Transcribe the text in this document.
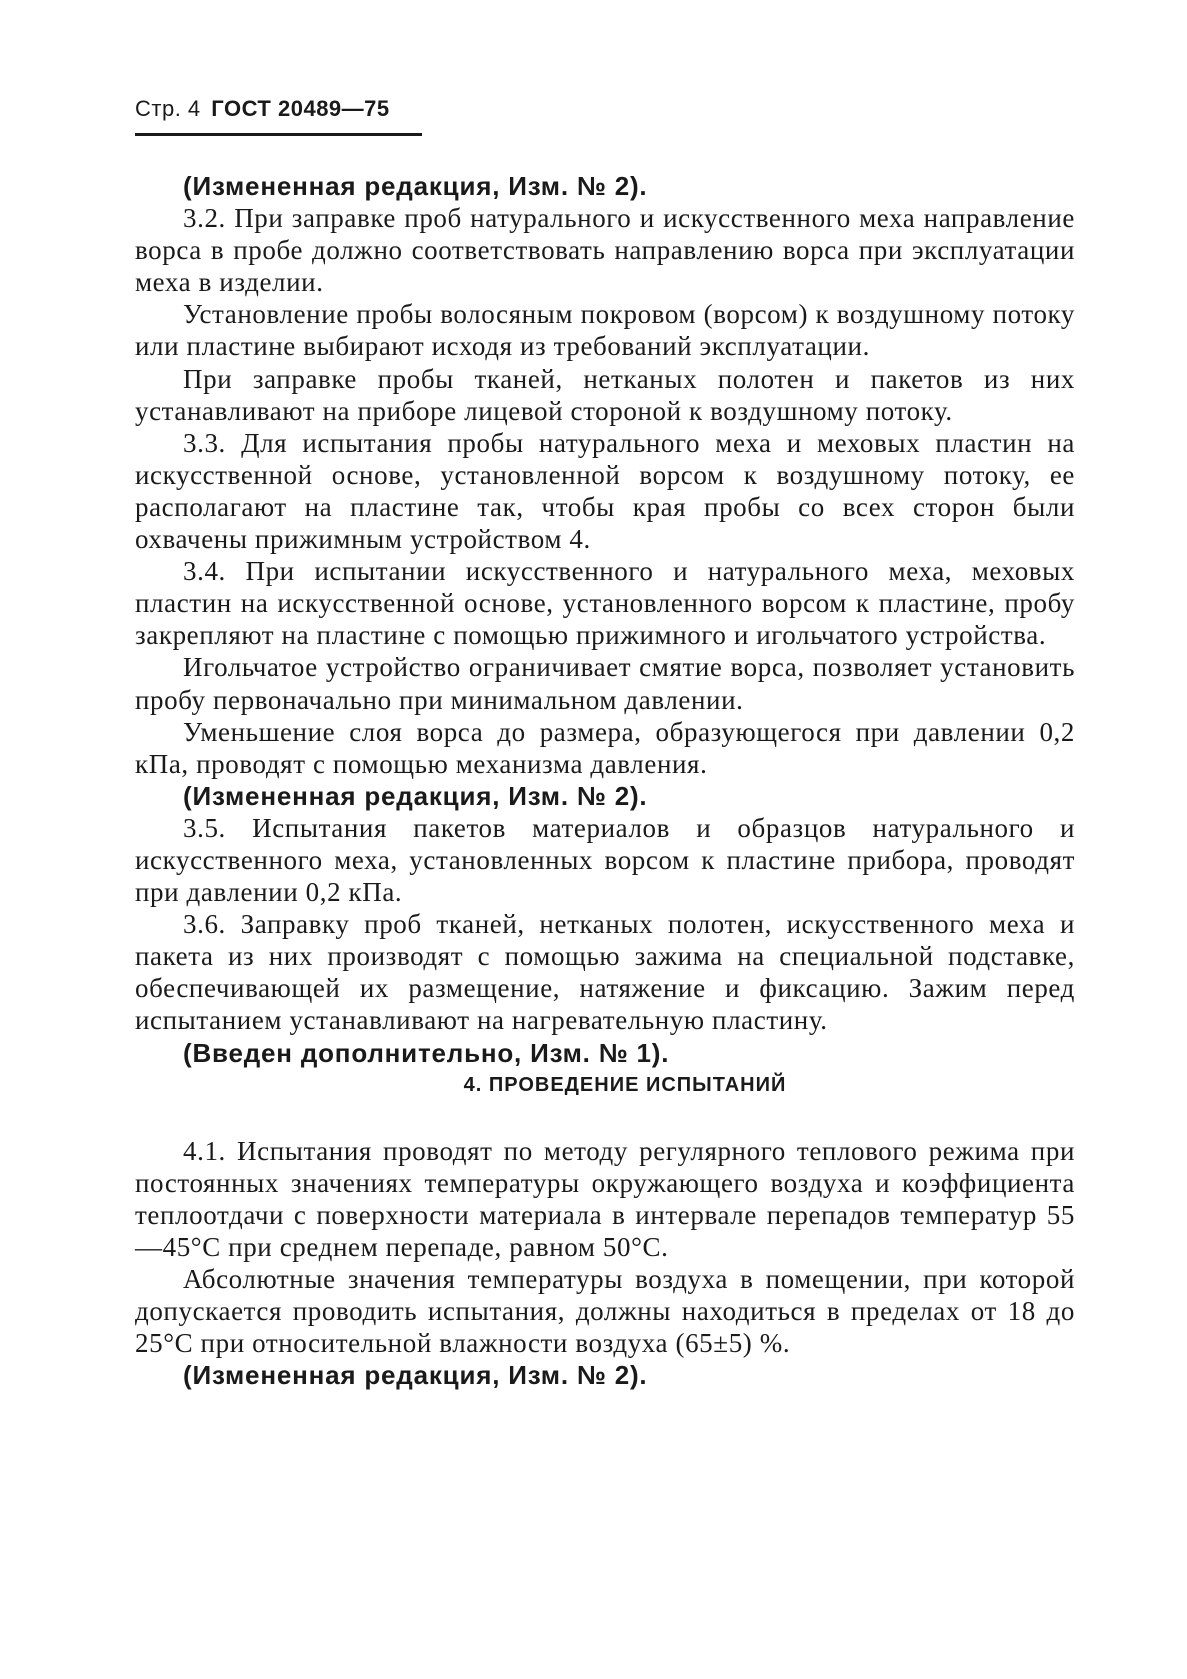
Стр. 4 ГОСТ 20489—75

(Измененная редакция, Изм. № 2).

3.2. При заправке проб натурального и искусственного меха направление ворса в пробе должно соответствовать направлению ворса при эксплуатации меха в изделии.

Установление пробы волосяным покровом (ворсом) к воздушному потоку или пластине выбирают исходя из требований эксплуатации.

При заправке пробы тканей, нетканых полотен и пакетов из них устанавливают на приборе лицевой стороной к воздушному потоку.

3.3. Для испытания пробы натурального меха и меховых пластин на искусственной основе, установленной ворсом к воздушному потоку, ее располагают на пластине так, чтобы края пробы со всех сторон были охвачены прижимным устройством 4.

3.4. При испытании искусственного и натурального меха, меховых пластин на искусственной основе, установленного ворсом к пластине, пробу закрепляют на пластине с помощью прижимного и игольчатого устройства.

Игольчатое устройство ограничивает смятие ворса, позволяет установить пробу первоначально при минимальном давлении.

Уменьшение слоя ворса до размера, образующегося при давлении 0,2 кПа, проводят с помощью механизма давления.

(Измененная редакция, Изм. № 2).

3.5. Испытания пакетов материалов и образцов натурального и искусственного меха, установленных ворсом к пластине прибора, проводят при давлении 0,2 кПа.

3.6. Заправку проб тканей, нетканых полотен, искусственного меха и пакета из них производят с помощью зажима на специальной подставке, обеспечивающей их размещение, натяжение и фиксацию. Зажим перед испытанием устанавливают на нагревательную пластину.

(Введен дополнительно, Изм. № 1).

4. ПРОВЕДЕНИЕ ИСПЫТАНИЙ

4.1. Испытания проводят по методу регулярного теплового режима при постоянных значениях температуры окружающего воздуха и коэффициента теплоотдачи с поверхности материала в интервале перепадов температур 55—45°С при среднем перепаде, равном 50°С.

Абсолютные значения температуры воздуха в помещении, при которой допускается проводить испытания, должны находиться в пределах от 18 до 25°С при относительной влажности воздуха (65±5) %.

(Измененная редакция, Изм. № 2).
